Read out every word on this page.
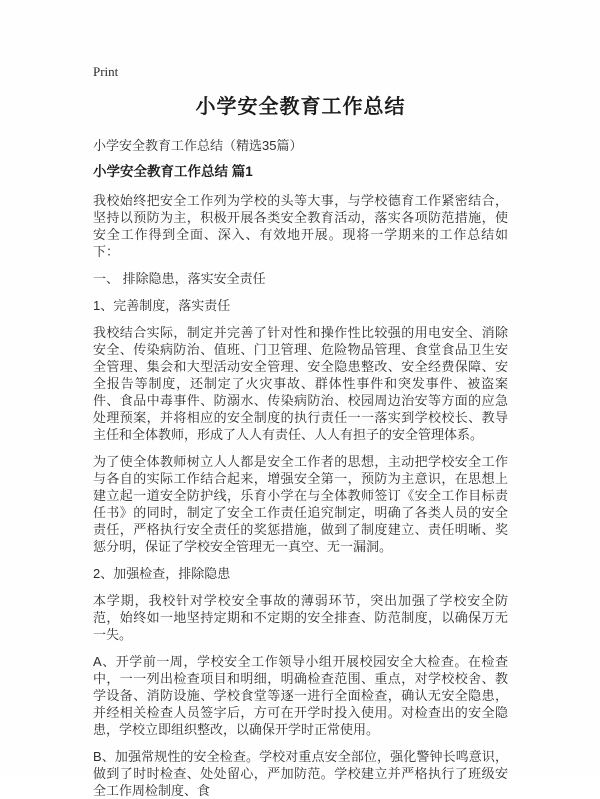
Print
小学安全教育工作总结

小学安全教育工作总结（精选35篇）

小学安全教育工作总结 篇1

我校始终把安全工作列为学校的头等大事，与学校德育工作紧密结合，坚持以预防为主，积极开展各类安全教育活动，落实各项防范措施，使安全工作得到全面、深入、有效地开展。现将一学期来的工作总结如下：

一、 排除隐患，落实安全责任

1、完善制度，落实责任

我校结合实际，制定并完善了针对性和操作性比较强的用电安全、消除安全、传染病防治、值班、门卫管理、危险物品管理、食堂食品卫生安全管理、集会和大型活动安全管理、安全隐患整改、安全经费保障、安全报告等制度，还制定了火灾事故、群体性事件和突发事件、被盗案件、食品中毒事件、防溺水、传染病防治、校园周边治安等方面的应急处理预案，并将相应的安全制度的执行责任一一落实到学校校长、教导主任和全体教师，形成了人人有责任、人人有担子的安全管理体系。

为了使全体教师树立人人都是安全工作者的思想，主动把学校安全工作与各自的实际工作结合起来，增强安全第一，预防为主意识，在思想上建立起一道安全防护线，乐育小学在与全体教师签订《安全工作目标责任书》的同时，制定了安全工作责任追究制定，明确了各类人员的安全责任，严格执行安全责任的奖惩措施，做到了制度建立、责任明晰、奖惩分明，保证了学校安全管理无一真空、无一漏洞。

2、加强检查，排除隐患

本学期，我校针对学校安全事故的薄弱环节，突出加强了学校安全防范，始终如一地坚持定期和不定期的安全排查、防范制度，以确保万无一失。

A、开学前一周，学校安全工作领导小组开展校园安全大检查。在检查中，一一列出检查项目和明细，明确检查范围、重点，对学校校舍、教学设备、消防设施、学校食堂等逐一进行全面检查，确认无安全隐患，并经相关检查人员签字后，方可在开学时投入使用。对检查出的安全隐患，学校立即组织整改，以确保开学时正常使用。

B、加强常规性的安全检查。学校对重点安全部位，强化警钟长鸣意识，做到了时时检查、处处留心，严加防范。学校建立并严格执行了班级安全工作周检制度、食
